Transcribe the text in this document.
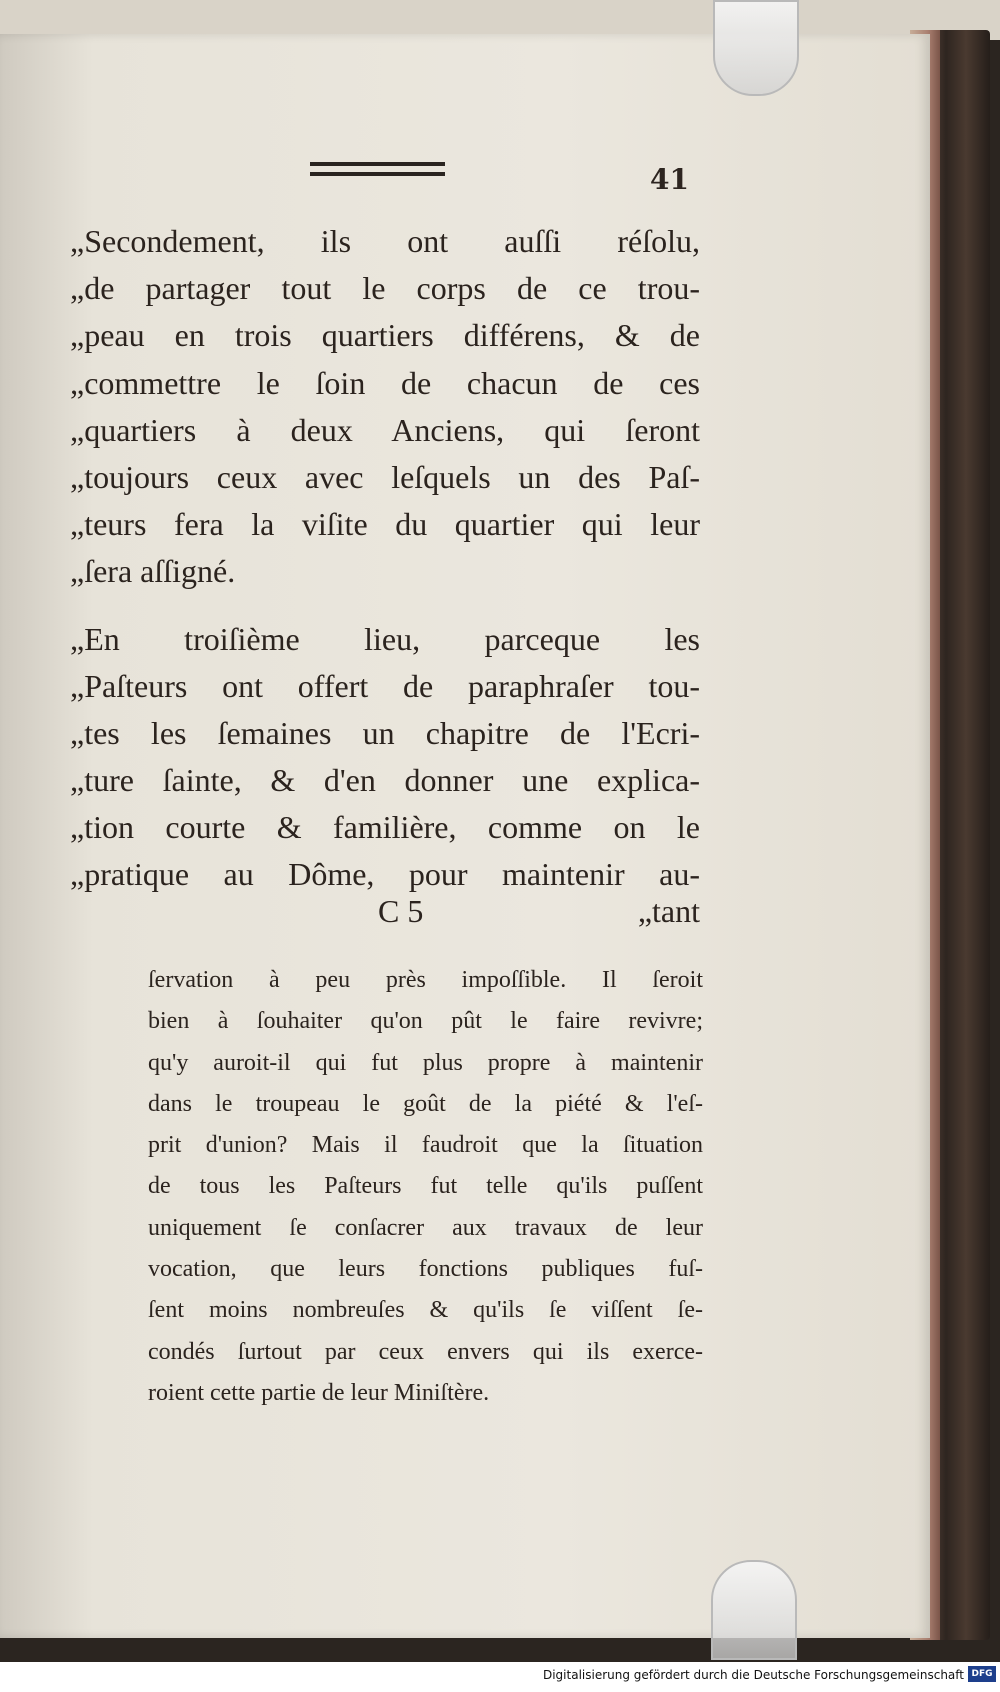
41
„Secondement, ils ont auſſi réſolu,
„de partager tout le corps de ce trou-
„peau en trois quartiers différens, & de
„commettre le ſoin de chacun de ces
„quartiers à deux Anciens, qui ſeront
„toujours ceux avec leſquels un des Paſ-
„teurs fera la viſite du quartier qui leur
„ſera aſſigné.
„En troiſième lieu, parceque les
„Paſteurs ont offert de paraphraſer tou-
„tes les ſemaines un chapitre de l'Ecri-
„ture ſainte, & d'en donner une explica-
„tion courte & familière, comme on le
„pratique au Dôme, pour maintenir au-
C 5	„tant
ſervation à peu près impoſſible. Il ſeroit
bien à ſouhaiter qu'on pût le faire revivre;
qu'y auroit-il qui fut plus propre à maintenir
dans le troupeau le goût de la piété & l'eſ-
prit d'union? Mais il faudroit que la ſituation
de tous les Paſteurs fut telle qu'ils puſſent
uniquement ſe conſacrer aux travaux de leur
vocation, que leurs fonctions publiques fuſ-
ſent moins nombreuſes & qu'ils ſe viſſent ſe-
condés ſurtout par ceux envers qui ils exerce-
roient cette partie de leur Miniſtère.
Digitalisierung gefördert durch die Deutsche Forschungsgemeinschaft DFG
